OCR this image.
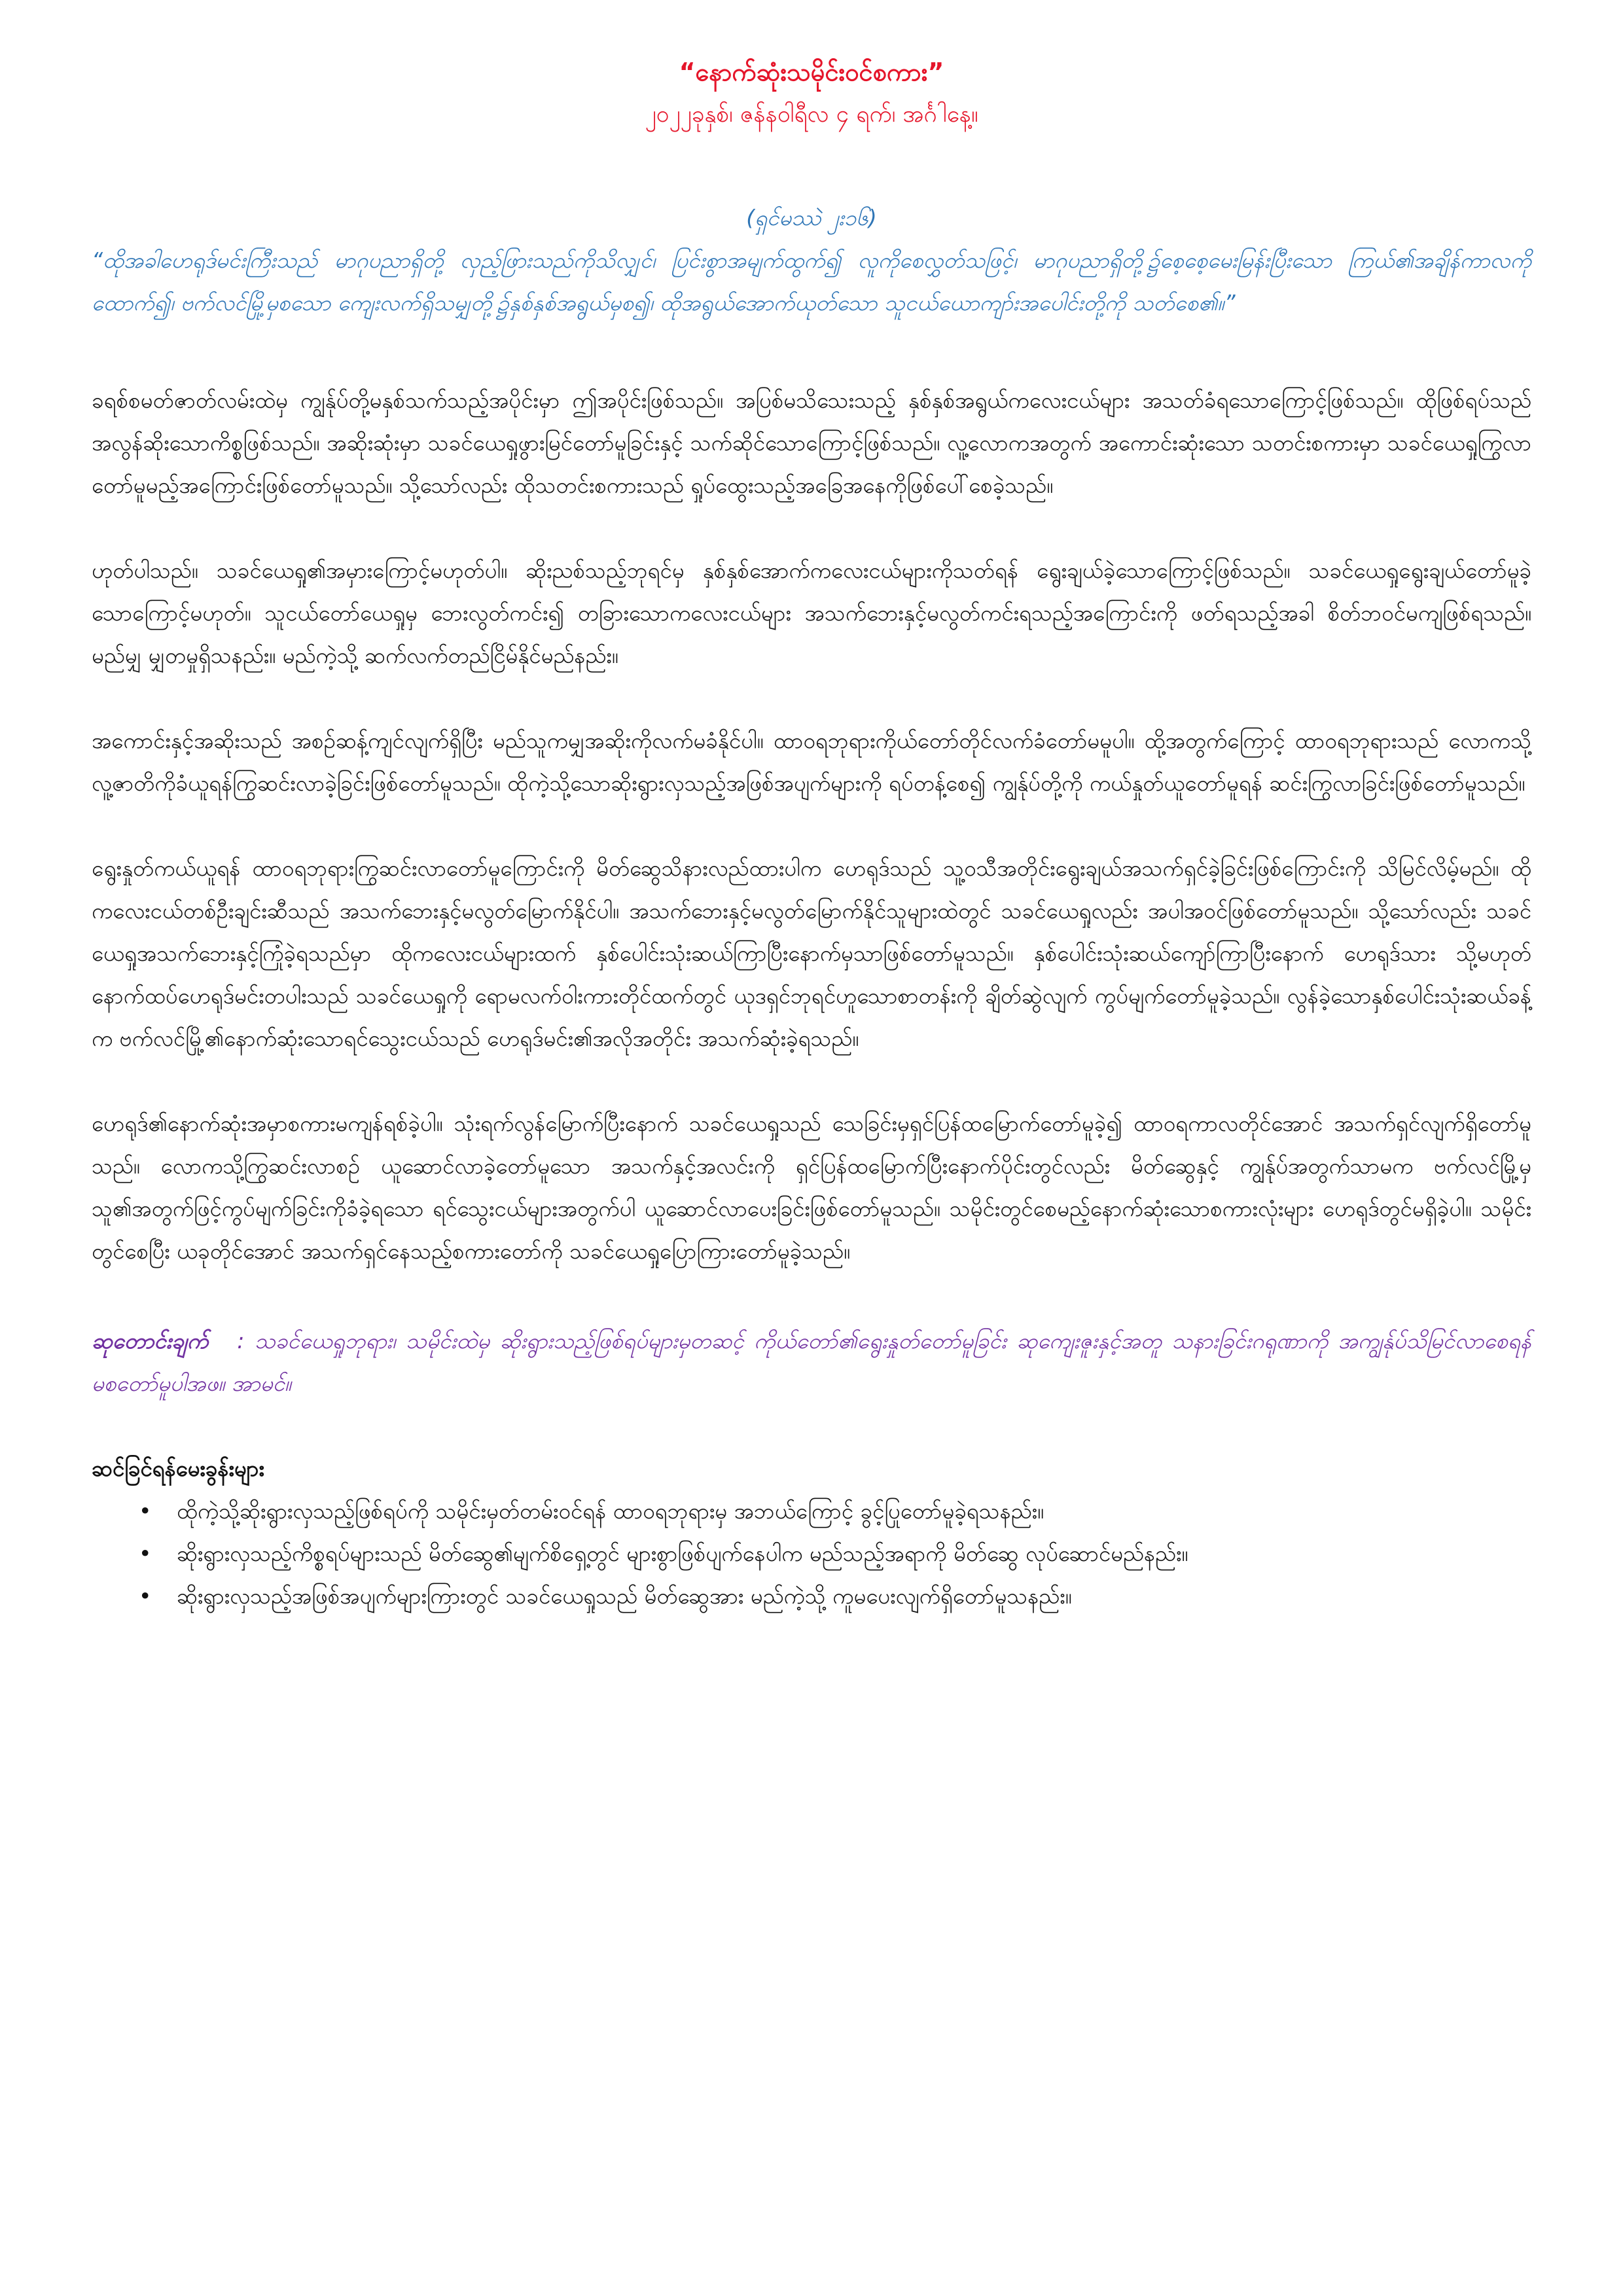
“နောက်ဆုံးသမိုင်းဝင်စကား”
၂၀၂၂ခုနှစ်၊ ဇန်နဝါရီလ ၄ ရက်၊ အင်္ဂါနေ့။
(ရှင်မဿဲ ၂း၁၆)

“ထိုအခါဟေရုဒ်မင်းကြီးသည် မာဂုပညာရှိတို့ လှည့်ဖြားသည်ကိုသိလျှင်၊ ပြင်းစွာအမျက်ထွက်၍ လူကိုစေလွှတ်သဖြင့်၊ မာဂုပညာရှိတို့၌စေ့စေ့မေးမြန်းပြီးသော ကြယ်၏အချိန်ကာလကိုထောက်၍၊ ဗက်လင်မြို့မှစသော ကျေးလက်ရှိသမျှတို့၌နှစ်နှစ်အရွယ်မှစ၍၊ ထိုအရွယ်အောက်ယုတ်သော သူငယ်ယောကျာ်းအပေါင်းတို့ကို သတ်စေ၏။”

ခရစ်စမတ်ဇာတ်လမ်းထဲမှ ကျွန်ုပ်တို့မနှစ်သက်သည့်အပိုင်းမှာ ဤအပိုင်းဖြစ်သည်။ အပြစ်မသိသေးသည့် နှစ်နှစ်အရွယ်ကလေးငယ်များ အသတ်ခံရသောကြောင့်ဖြစ်သည်။ ထိုဖြစ်ရပ်သည် အလွန်ဆိုးသောကိစ္စဖြစ်သည်။ အဆိုးဆုံးမှာ သခင်ယေရှုဖွားမြင်တော်မူခြင်းနှင့် သက်ဆိုင်သောကြောင့်ဖြစ်သည်။ လူ့လောကအတွက် အကောင်းဆုံးသော သတင်းစကားမှာ သခင်ယေရှုကြွလာတော်မူမည့်အကြောင်းဖြစ်တော်မူသည်။ သို့သော်လည်း ထိုသတင်းစကားသည် ရှုပ်ထွေးသည့်အခြေအနေကိုဖြစ်ပေါ်စေခဲ့သည်။

ဟုတ်ပါသည်။ သခင်ယေရှု၏အမှားကြောင့်မဟုတ်ပါ။ ဆိုးညစ်သည့်ဘုရင်မှ နှစ်နှစ်အောက်ကလေးငယ်များကိုသတ်ရန် ရွေးချယ်ခဲ့သောကြောင့်ဖြစ်သည်။ သခင်ယေရှုရွေးချယ်တော်မူခဲ့သောကြောင့်မဟုတ်။ သူငယ်တော်ယေရှုမှ ဘေးလွတ်ကင်း၍ တခြားသောကလေးငယ်များ အသက်ဘေးနှင့်မလွတ်ကင်းရသည့်အကြောင်းကို ဖတ်ရသည့်အခါ စိတ်ဘဝင်မကျဖြစ်ရသည်။ မည်မျှ မျှတမှုရှိသနည်း။ မည်ကဲ့သို့ ဆက်လက်တည်ငြိမ်နိုင်မည်နည်း။

အကောင်းနှင့်အဆိုးသည် အစဉ်ဆန့်ကျင်လျက်ရှိပြီး မည်သူကမျှအဆိုးကိုလက်မခံနိုင်ပါ။ ထာဝရဘုရားကိုယ်တော်တိုင်လက်ခံတော်မမူပါ။ ထို့အတွက်ကြောင့် ထာဝရဘုရားသည် လောကသို့ လူ့ဇာတိကိုခံယူရန်ကြွဆင်းလာခဲ့ခြင်းဖြစ်တော်မူသည်။ ထိုကဲ့သို့သောဆိုးရွားလှသည့်အဖြစ်အပျက်များကို ရပ်တန့်စေ၍ ကျွန်ုပ်တို့ကို ကယ်နှုတ်ယူတော်မူရန် ဆင်းကြွလာခြင်းဖြစ်တော်မူသည်။

ရွေးနှုတ်ကယ်ယူရန် ထာဝရဘုရားကြွဆင်းလာတော်မူကြောင်းကို မိတ်ဆွေသိနားလည်ထားပါက ဟေရုဒ်သည် သူ့ဝသီအတိုင်းရွေးချယ်အသက်ရှင်ခဲ့ခြင်းဖြစ်ကြောင်းကို သိမြင်လိမ့်မည်။ ထိုကလေးငယ်တစ်ဦးချင်းဆီသည် အသက်ဘေးနှင့်မလွတ်မြောက်နိုင်ပါ။ အသက်ဘေးနှင့်မလွတ်မြောက်နိုင်သူများထဲတွင် သခင်ယေရှုလည်း အပါအဝင်ဖြစ်တော်မူသည်။ သို့သော်လည်း သခင်ယေရှုအသက်ဘေးနှင့်ကြုံခဲ့ရသည်မှာ ထိုကလေးငယ်များထက် နှစ်ပေါင်းသုံးဆယ်ကြာပြီးနောက်မှသာဖြစ်တော်မူသည်။ နှစ်ပေါင်းသုံးဆယ်ကျော်ကြာပြီးနောက် ဟေရုဒ်သား သို့မဟုတ် နောက်ထပ်ဟေရုဒ်မင်းတပါးသည် သခင်ယေရှုကို ရောမလက်ဝါးကားတိုင်ထက်တွင် ယုဒရှင်ဘုရင်ဟူသောစာတန်းကို ချိတ်ဆွဲလျက် ကွပ်မျက်တော်မူခဲ့သည်။ လွန်ခဲ့သောနှစ်ပေါင်းသုံးဆယ်ခန့်က ဗက်လင်မြို့၏နောက်ဆုံးသောရင်သွေးငယ်သည် ဟေရုဒ်မင်း၏အလိုအတိုင်း အသက်ဆုံးခဲ့ရသည်။

ဟေရုဒ်၏နောက်ဆုံးအမှာစကားမကျန်ရစ်ခဲ့ပါ။ သုံးရက်လွန်မြောက်ပြီးနောက် သခင်ယေရှုသည် သေခြင်းမှရှင်ပြန်ထမြောက်တော်မူခဲ့၍ ထာဝရကာလတိုင်အောင် အသက်ရှင်လျက်ရှိတော်မူသည်။ လောကသို့ကြွဆင်းလာစဉ် ယူဆောင်လာခဲ့တော်မူသော အသက်နှင့်အလင်းကို ရှင်ပြန်ထမြောက်ပြီးနောက်ပိုင်းတွင်လည်း မိတ်ဆွေနှင့် ကျွန်ုပ်အတွက်သာမက ဗက်လင်မြို့မှ သူ၏အတွက်ဖြင့်ကွပ်မျက်ခြင်းကိုခံခဲ့ရသော ရင်သွေးငယ်များအတွက်ပါ ယူဆောင်လာပေးခြင်းဖြစ်တော်မူသည်။ သမိုင်းတွင်စေမည့်နောက်ဆုံးသောစကားလုံးများ ဟေရုဒ်တွင်မရှိခဲ့ပါ။ သမိုင်းတွင်စေပြီး ယခုတိုင်အောင် အသက်ရှင်နေသည့်စကားတော်ကို သခင်ယေရှုပြောကြားတော်မူခဲ့သည်။

ဆုတောင်းချက် : သခင်ယေရှုဘုရား၊ သမိုင်းထဲမှ ဆိုးရွားသည့်ဖြစ်ရပ်များမှတဆင့် ကိုယ်တော်၏ရွေးနှုတ်တော်မူခြင်း ဆုကျေးဇူးနှင့်အတူ သနားခြင်းဂရုဏာကို အကျွန်ုပ်သိမြင်လာစေရန် မစတော်မူပါအဖ။ အာမင်။

ဆင်ခြင်ရန်မေးခွန်းများ
• ထိုကဲ့သို့ဆိုးရွားလှသည့်ဖြစ်ရပ်ကို သမိုင်းမှတ်တမ်းဝင်ရန် ထာဝရဘုရားမှ အဘယ်ကြောင့် ခွင့်ပြုတော်မူခဲ့ရသနည်း။
• ဆိုးရွားလှသည့်ကိစ္စရပ်များသည် မိတ်ဆွေ၏မျက်စိရှေ့တွင် များစွာဖြစ်ပျက်နေပါက မည်သည့်အရာကို မိတ်ဆွေ လုပ်ဆောင်မည်နည်း။
• ဆိုးရွားလှသည့်အဖြစ်အပျက်များကြားတွင် သခင်ယေရှုသည် မိတ်ဆွေအား မည်ကဲ့သို့ ကူမပေးလျက်ရှိတော်မူသနည်း။
